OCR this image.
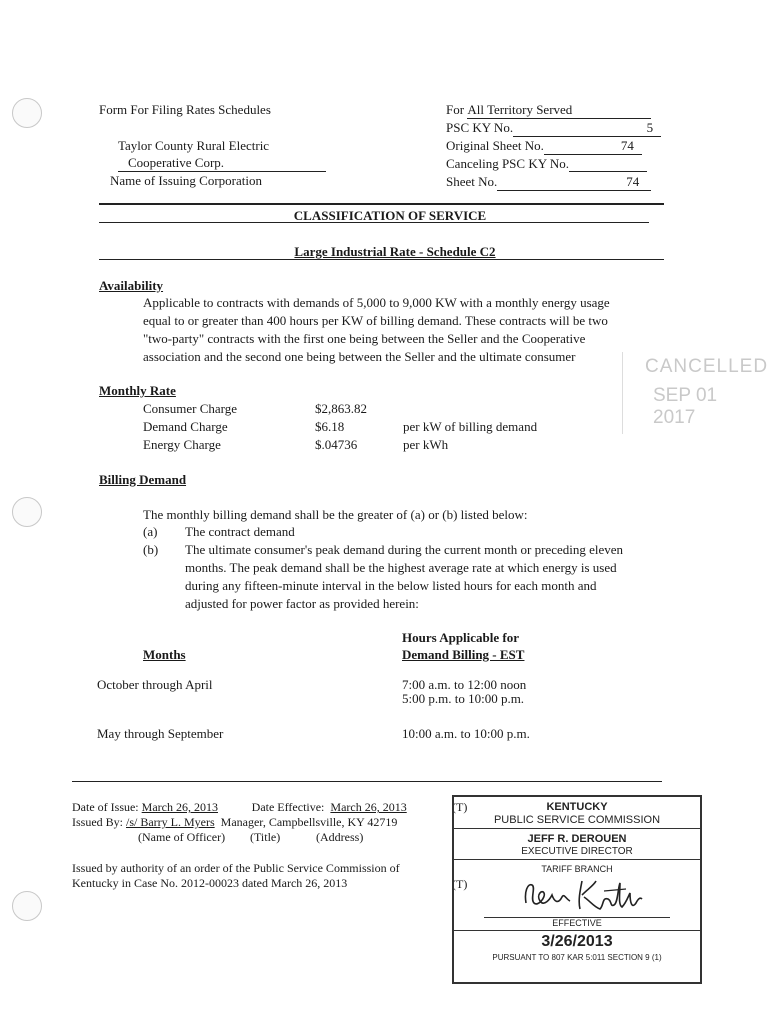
Form For Filing Rates Schedules
Taylor County Rural Electric
Cooperative Corp.
Name of Issuing Corporation
For
All Territory Served
PSC KY No.	5
Original Sheet No.	74
Canceling PSC KY No.
Sheet No.	74
CLASSIFICATION OF SERVICE
Large Industrial Rate - Schedule C2
Availability
Applicable to contracts with demands of 5,000 to 9,000 KW with a monthly energy usage
equal to or greater than 400 hours per KW of billing demand. These contracts will be two
"two-party" contracts with the first one being between the Seller and the Cooperative
association and the second one being between the Seller and the ultimate consumer	CANCELLED
SEP 01 2017
Monthly Rate
Consumer Charge	$2,863.82
Demand Charge	$6.18	per kW of billing demand
Energy Charge	$.04736	per kWh
Billing Demand
The monthly billing demand shall be the greater of (a) or (b) listed below:
(a)	The contract demand
(b)	The ultimate consumer's peak demand during the current month or preceding eleven
months. The peak demand shall be the highest average rate at which energy is used
during any fifteen-minute interval in the below listed hours for each month and
adjusted for power factor as provided herein:
Hours Applicable for
Demand Billing - EST
Months
October through April	7:00 a.m. to 12:00 noon
5:00 p.m. to 10:00 p.m.
May through September	10:00 a.m. to 10:00 p.m.
Date of Issue:
March 26, 2013	Date Effective:
March 26, 2013
Issued By:
/s/ Barry L. Myers
Manager,
Campbellsville, KY 42719
(Name of Officer)	(Title)	(Address)
Issued by authority of an order of the Public Service Commission of
Kentucky in Case No. 2012-00023 dated March 26, 2013
(T)
(T)
KENTUCKY
PUBLIC SERVICE COMMISSION
JEFF R. DEROUEN
EXECUTIVE DIRECTOR
TARIFF BRANCH
EFFECTIVE
3/26/2013
PURSUANT TO 807 KAR 5:011 SECTION 9 (1)
